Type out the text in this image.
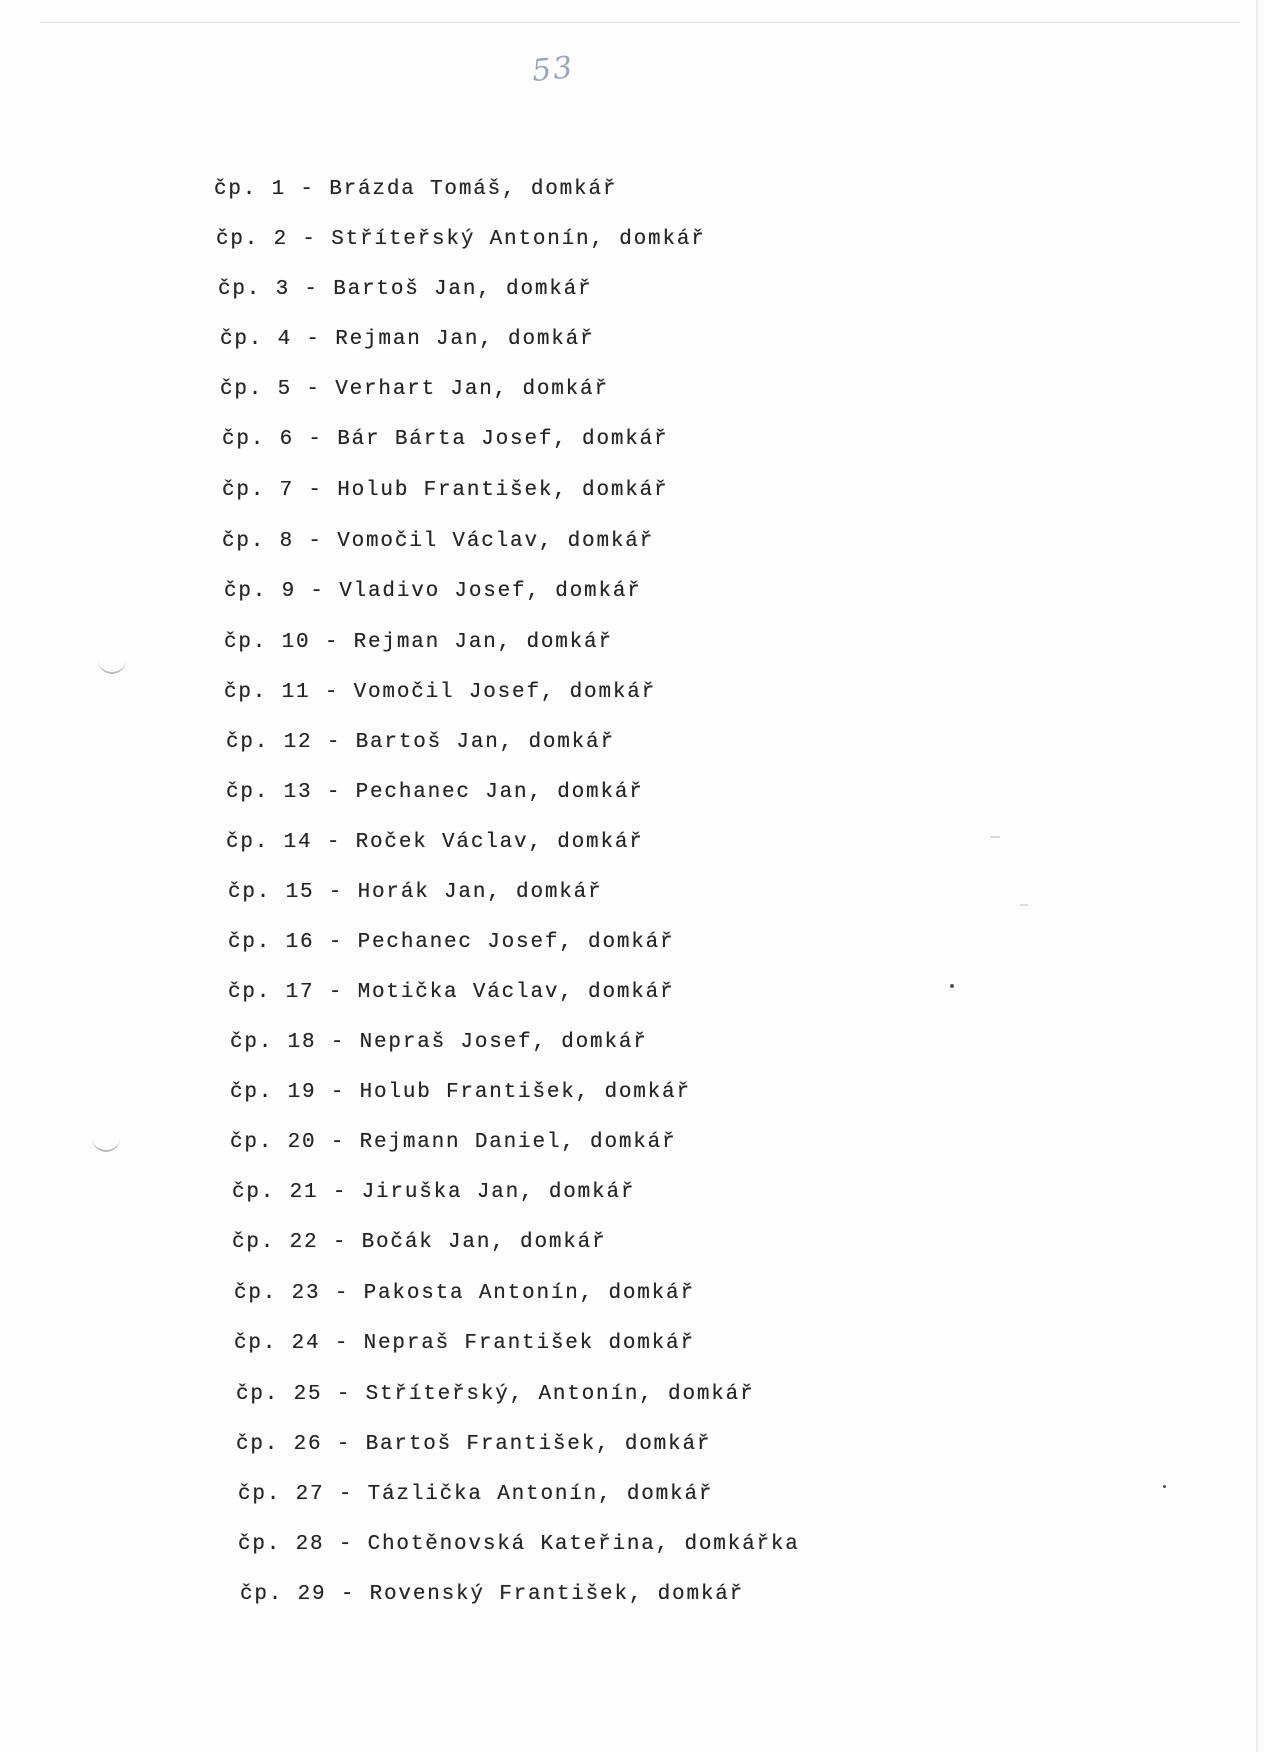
53
čp. 1 - Brázda Tomáš, domkář
čp. 2 - Stříteřský Antonín, domkář
čp. 3 - Bartoš Jan, domkář
čp. 4 - Rejman Jan, domkář
čp. 5 - Verhart Jan, domkář
čp. 6 - Bár Bárta Josef, domkář
čp. 7 - Holub František, domkář
čp. 8 - Vomočil Václav, domkář
čp. 9 - Vladivo Josef, domkář
čp. 10 - Rejman Jan, domkář
čp. 11 - Vomočil Josef, domkář
čp. 12 - Bartoš Jan, domkář
čp. 13 - Pechanec Jan, domkář
čp. 14 - Roček Václav, domkář
čp. 15 - Horák Jan, domkář
čp. 16 - Pechanec Josef, domkář
čp. 17 - Motička Václav, domkář
čp. 18 - Nepraš Josef, domkář
čp. 19 - Holub František, domkář
čp. 20 - Rejmann Daniel, domkář
čp. 21 - Jiruška Jan, domkář
čp. 22 - Bočák Jan, domkář
čp. 23 - Pakosta Antonín, domkář
čp. 24 - Nepraš František domkář
čp. 25 - Stříteřský, Antonín, domkář
čp. 26 - Bartoš František, domkář
čp. 27 - Tázlička Antonín, domkář
čp. 28 - Chotěnovská Kateřina, domkářka
čp. 29 - Rovenský František, domkář
